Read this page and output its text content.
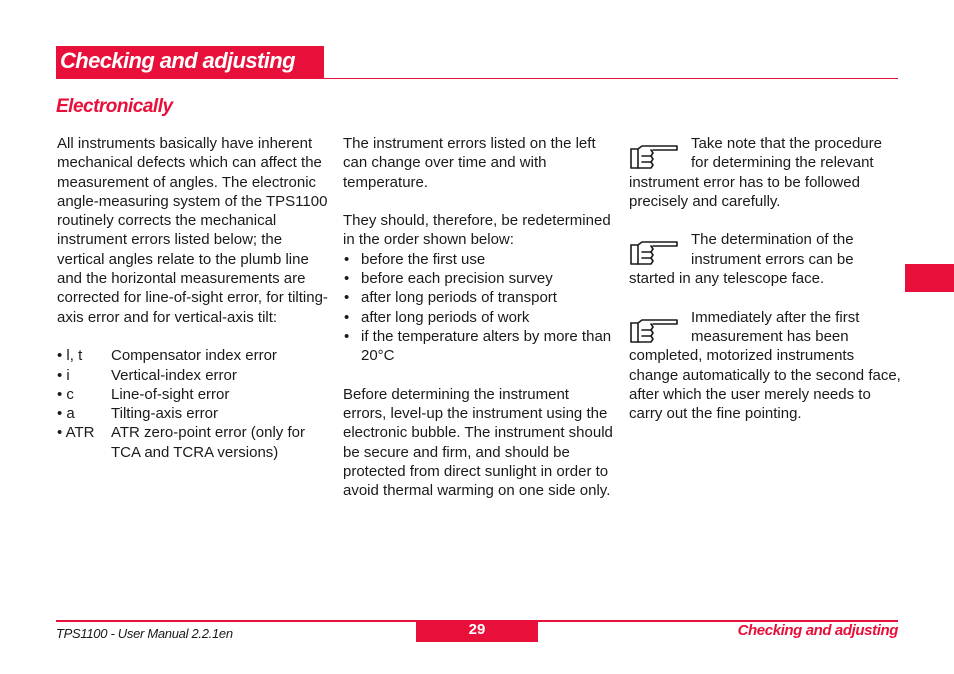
Checking and adjusting
Electronically

All instruments basically have inherent mechanical defects which can affect the measurement of angles. The electronic angle-measuring system of the TPS1100 routinely corrects the mechanical instrument errors listed below; the vertical angles relate to the plumb line and the horizontal measurements are corrected for line-of-sight error, for tilting-axis error and for vertical-axis tilt:

• l, t	Compensator index error
• i	Vertical-index error
• c	Line-of-sight error
• a	Tilting-axis error
• ATR	ATR zero-point error (only for TCA and TCRA versions)

The instrument errors listed on the left can change over time and with temperature.

They should, therefore, be redetermined in the order shown below:

• before the first use
• before each precision survey
• after long periods of transport
• after long periods of work
• if the temperature alters by more than 20°C

Before determining the instrument errors, level-up the instrument using the electronic bubble. The instrument should be secure and firm, and should be protected from direct sunlight in order to avoid thermal warming on one side only.

Take note that the procedure for determining the relevant instrument error has to be followed precisely and carefully.
The determination of the instrument errors can be started in any telescope face.
Immediately after the first measurement has been completed, motorized instruments change automatically to the second face, after which the user merely needs to carry out the fine pointing.
TPS1100 - User Manual 2.2.1en	29	Checking and adjusting
